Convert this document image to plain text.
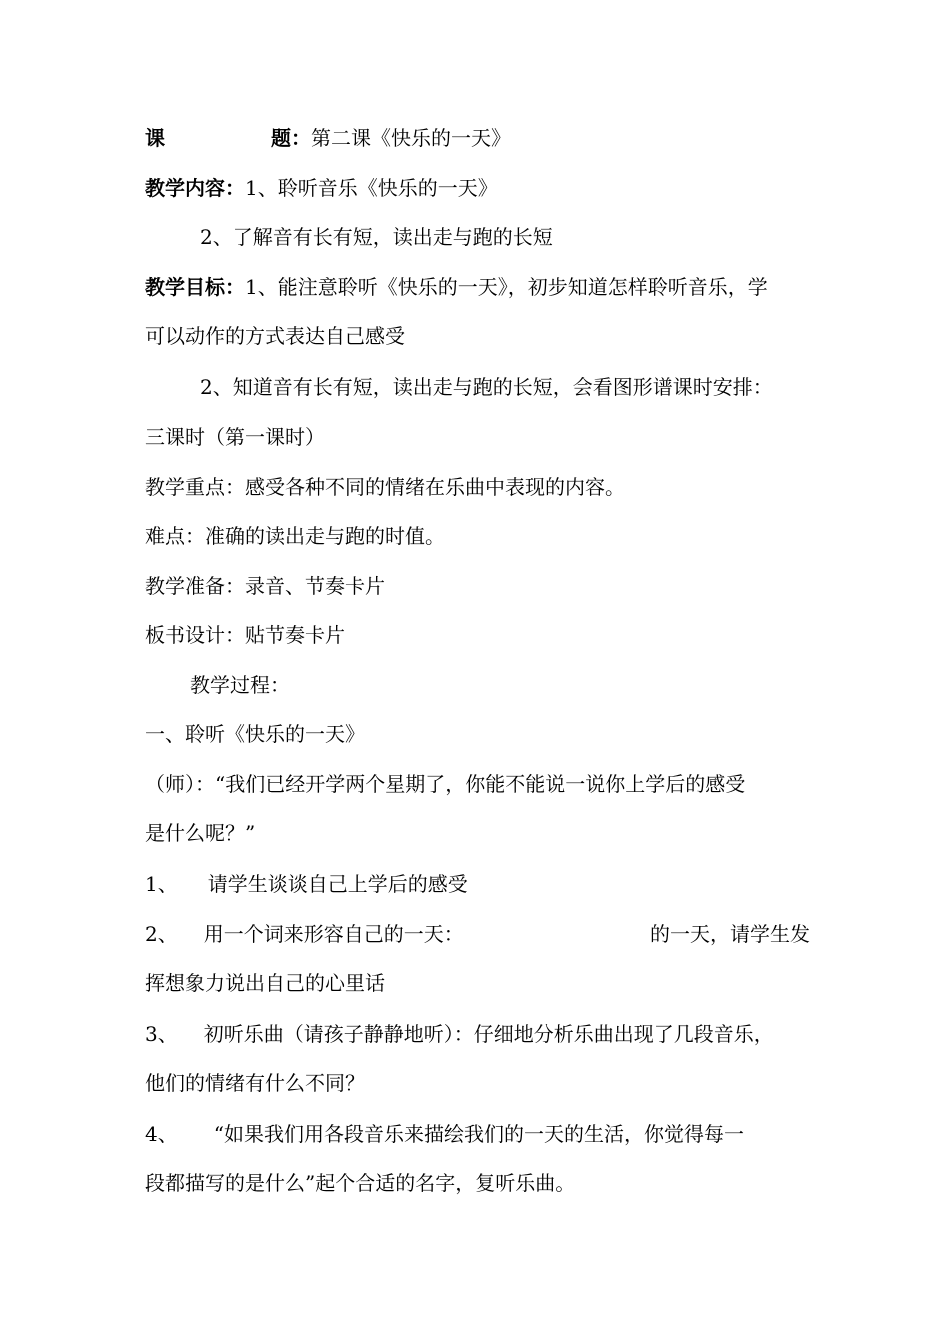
课	题：第二课《快乐的一天》
教学内容：1、聆听音乐《快乐的一天》
2、了解音有长有短，读出走与跑的长短
教学目标：1、能注意聆听《快乐的一天》，初步知道怎样聆听音乐，学
可以动作的方式表达自己感受
2、知道音有长有短，读出走与跑的长短，会看图形谱课时安排：
三课时（第一课时）
教学重点：感受各种不同的情绪在乐曲中表现的内容。
难点：准确的读出走与跑的时值。
教学准备：录音、节奏卡片
板书设计：贴节奏卡片
教学过程：
一、聆听《快乐的一天》
（师）：“我们已经开学两个星期了，你能不能说一说你上学后的感受
是什么呢？”
1、 请学生谈谈自己上学后的感受
2、 用一个词来形容自己的一天：	的一天，请学生发
挥想象力说出自己的心里话
3、 初听乐曲（请孩子静静地听）：仔细地分析乐曲出现了几段音乐，
他们的情绪有什么不同？
4、 “如果我们用各段音乐来描绘我们的一天的生活，你觉得每一
段都描写的是什么”起个合适的名字，复听乐曲。
